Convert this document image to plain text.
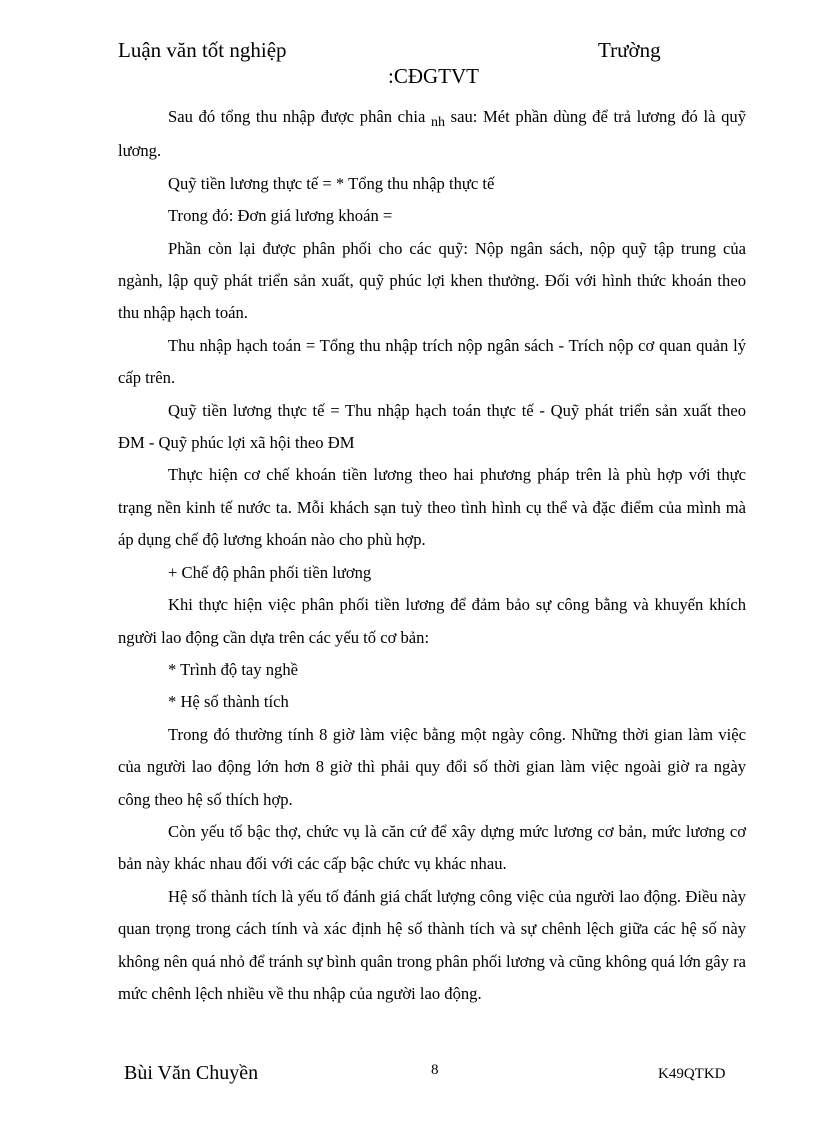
Luận văn tốt nghiệp	Trường
:CĐGTVT

Sau đó tổng thu nhập được phân chia $_{nh}$ sau: Mét phần dùng để trả lương đó là quỹ lương.

Quỹ tiền lương thực tế = * Tổng thu nhập thực tế

Trong đó: Đơn giá lương khoán =

Phần còn lại được phân phối cho các quỹ: Nộp ngân sách, nộp quỹ tập trung của ngành, lập quỹ phát triển sản xuất, quỹ phúc lợi khen thưởng. Đối với hình thức khoán theo thu nhập hạch toán.

Thu nhập hạch toán = Tổng thu nhập trích nộp ngân sách - Trích nộp cơ quan quản lý cấp trên.

Quỹ tiền lương thực tế = Thu nhập hạch toán thực tế - Quỹ phát triển sản xuất theo ĐM - Quỹ phúc lợi xã hội theo ĐM

Thực hiện cơ chế khoán tiền lương theo hai phương pháp trên là phù hợp với thực trạng nền kinh tế nước ta. Mỗi khách sạn tuỳ theo tình hình cụ thể và đặc điểm của mình mà áp dụng chế độ lương khoán nào cho phù hợp.

+ Chế độ phân phối tiền lương

Khi thực hiện việc phân phối tiền lương để đảm bảo sự công bằng và khuyến khích người lao động cần dựa trên các yếu tố cơ bản:

* Trình độ tay nghề

* Hệ số thành tích

Trong đó thường tính 8 giờ làm việc bằng một ngày công. Những thời gian làm việc của người lao động lớn hơn 8 giờ thì phải quy đổi số thời gian làm việc ngoài giờ ra ngày công theo hệ số thích hợp.

Còn yếu tố bậc thợ, chức vụ là căn cứ để xây dựng mức lương cơ bản, mức lương cơ bản này khác nhau đối với các cấp bậc chức vụ khác nhau.

Hệ số thành tích là yếu tố đánh giá chất lượng công việc của người lao động. Điều này quan trọng trong cách tính và xác định hệ số thành tích và sự chênh lệch giữa các hệ số này không nên quá nhỏ để tránh sự bình quân trong phân phối lương và cũng không quá lớn gây ra mức chênh lệch nhiều về thu nhập của người lao động.

Bùi Văn Chuyền	8	K49QTKD
